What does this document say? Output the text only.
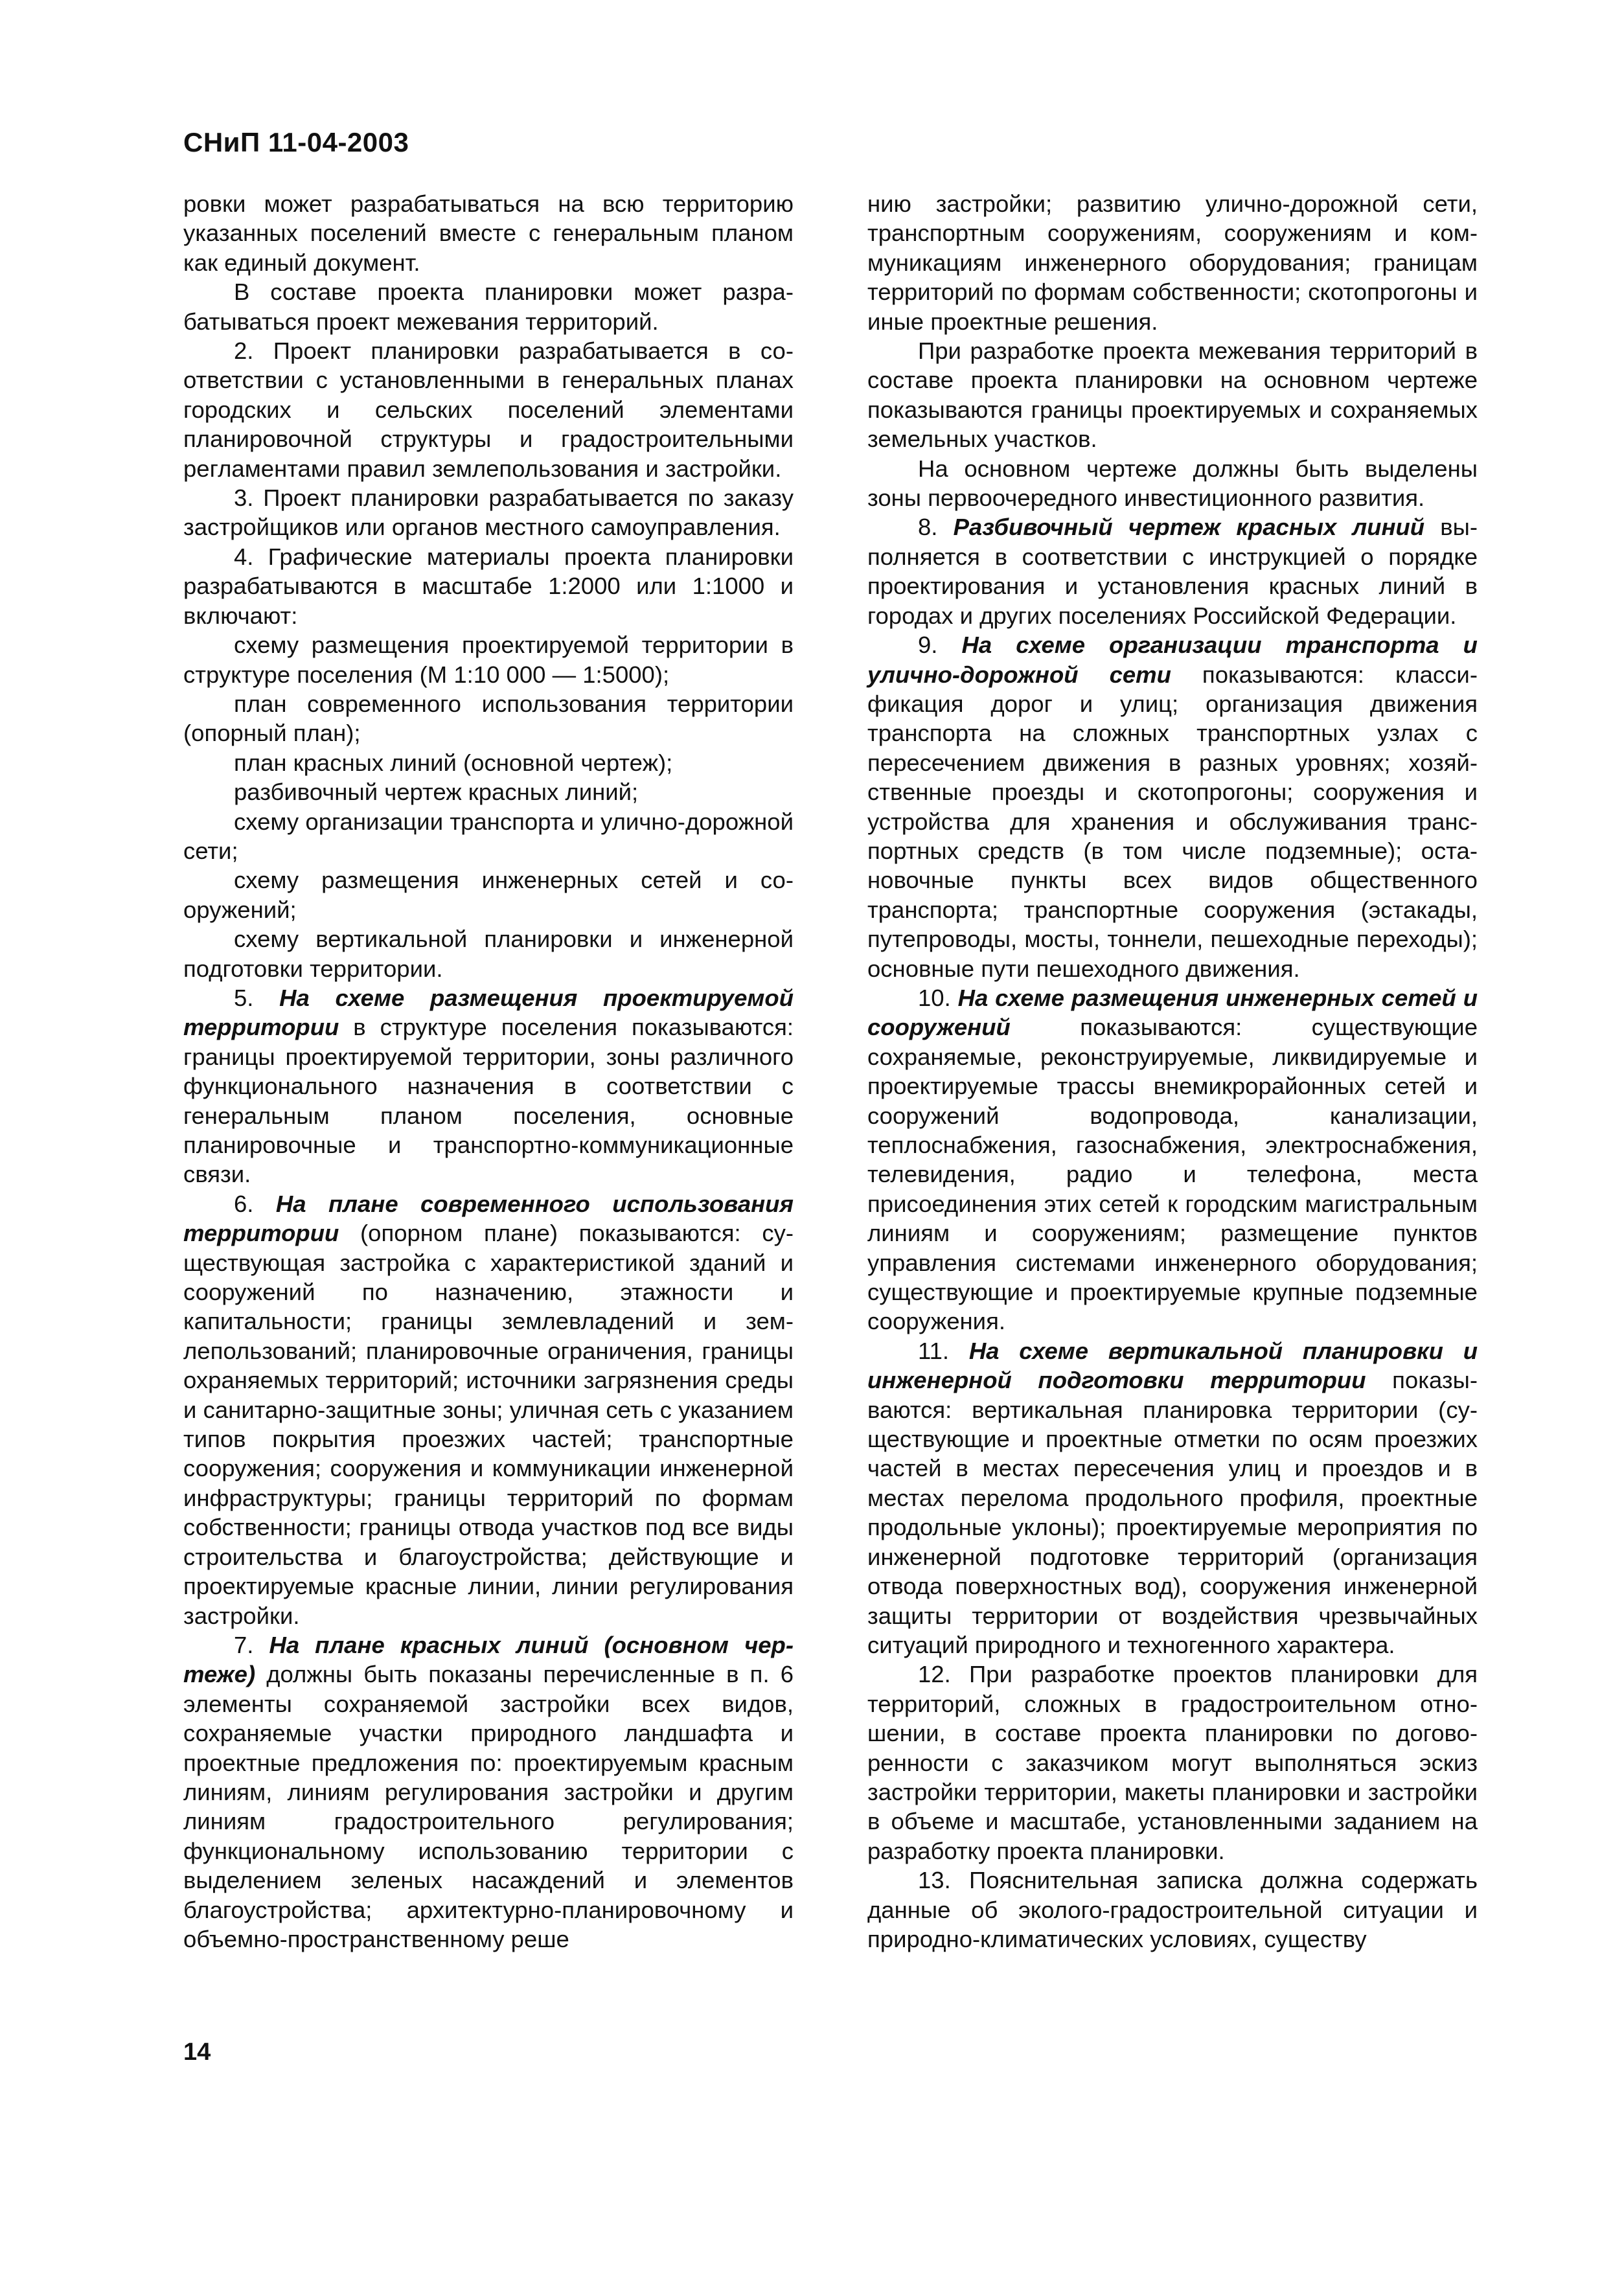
СНиП 11-04-2003

ровки может разрабатываться на всю территорию указанных поселений вместе с генеральным планом как единый документ.

В составе проекта планировки может разрабатываться проект межевания территорий.

2. Проект планировки разрабатывается в соответствии с установленными в генеральных планах городских и сельских поселений элементами планировочной структуры и градостроительными регламентами правил землепользования и застройки.

3. Проект планировки разрабатывается по заказу застройщиков или органов местного самоуправления.

4. Графические материалы проекта планировки разрабатываются в масштабе 1:2000 или 1:1000 и включают:

схему размещения проектируемой территории в структуре поселения (М 1:10 000 — 1:5000);

план современного использования территории (опорный план);

план красных линий (основной чертеж);

разбивочный чертеж красных линий;

схему организации транспорта и улично-дорожной сети;

схему размещения инженерных сетей и сооружений;

схему вертикальной планировки и инженерной подготовки территории.

5. На схеме размещения проектируемой территории в структуре поселения показываются: границы проектируемой территории, зоны различного функционального назначения в соответствии с генеральным планом поселения, основные планировочные и транспортно-коммуникационные связи.

6. На плане современного использования территории (опорном плане) показываются: существующая застройка с характеристикой зданий и сооружений по назначению, этажности и капитальности; границы землевладений и землепользований; планировочные ограничения, границы охраняемых территорий; источники загрязнения среды и санитарно-защитные зоны; уличная сеть с указанием типов покрытия проезжих частей; транспортные сооружения; сооружения и коммуникации инженерной инфраструктуры; границы территорий по формам собственности; границы отвода участков под все виды строительства и благоустройства; действующие и проектируемые красные линии, линии регулирования застройки.

7. На плане красных линий (основном чертеже) должны быть показаны перечисленные в п. 6 элементы сохраняемой застройки всех видов, сохраняемые участки природного ландшафта и проектные предложения по: проектируемым красным линиям, линиям регулирования застройки и другим линиям градостроительного регулирования; функциональному использованию территории с выделением зеленых насаждений и элементов благоустройства; архитектурно-планировочному и объемно-пространственному реше

нию застройки; развитию улично-дорожной сети, транспортным сооружениям, сооружениям и коммуникациям инженерного оборудования; границам территорий по формам собственности; скотопрогоны и иные проектные решения.

При разработке проекта межевания территорий в составе проекта планировки на основном чертеже показываются границы проектируемых и сохраняемых земельных участков.

На основном чертеже должны быть выделены зоны первоочередного инвестиционного развития.

8. Разбивочный чертеж красных линий выполняется в соответствии с инструкцией о порядке проектирования и установления красных линий в городах и других поселениях Российской Федерации.

9. На схеме организации транспорта и улично-дорожной сети показываются: классификация дорог и улиц; организация движения транспорта на сложных транспортных узлах с пересечением движения в разных уровнях; хозяйственные проезды и скотопрогоны; сооружения и устройства для хранения и обслуживания транспортных средств (в том числе подземные); остановочные пункты всех видов общественного транспорта; транспортные сооружения (эстакады, путепроводы, мосты, тоннели, пешеходные переходы); основные пути пешеходного движения.

10. На схеме размещения инженерных сетей и сооружений показываются: существующие сохраняемые, реконструируемые, ликвидируемые и проектируемые трассы внемикрорайонных сетей и сооружений водопровода, канализации, теплоснабжения, газоснабжения, электроснабжения, телевидения, радио и телефона, места присоединения этих сетей к городским магистральным линиям и сооружениям; размещение пунктов управления системами инженерного оборудования; существующие и проектируемые крупные подземные сооружения.

11. На схеме вертикальной планировки и инженерной подготовки территории показываются: вертикальная планировка территории (существующие и проектные отметки по осям проезжих частей в местах пересечения улиц и проездов и в местах перелома продольного профиля, проектные продольные уклоны); проектируемые мероприятия по инженерной подготовке территорий (организация отвода поверхностных вод), сооружения инженерной защиты территории от воздействия чрезвычайных ситуаций природного и техногенного характера.

12. При разработке проектов планировки для территорий, сложных в градостроительном отношении, в составе проекта планировки по договоренности с заказчиком могут выполняться эскиз застройки территории, макеты планировки и застройки в объеме и масштабе, установленными заданием на разработку проекта планировки.

13. Пояснительная записка должна содержать данные об эколого-градостроительной ситуации и природно-климатических условиях, существу

14
